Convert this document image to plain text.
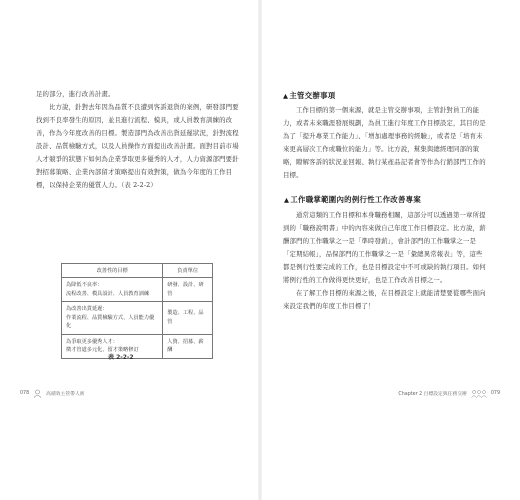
足的部分，進行改善計畫。

比方說，針對去年因為品質不良遭到客訴退貨的案例，研發部門要找到不良率發生的原因，並且進行流程、模具，或人員教育訓練的改善，作為今年度改善的目標。製造部門為改善出貨延遲狀況，針對流程設計、品質檢驗方式，以及人員操作方面提出改善計畫。面對目前市場人才競爭的狀態下如何為企業爭取更多優秀的人才，人力資源部門要針對招募策略、企業內部留才策略提出有效對策，做為今年度的工作目標，以保持企業的優質人力。（表 2-2-2）

改善性的目標	負責單位

為降低不良率：
流程改善、模具設計、人員教育訓練	研發、設計、研管

為改善出貨延遲：
作業流程、品質檢驗方式、人員能力優化	製造、工程、品管

為爭取更多優秀人才：
徵才管道多元化、留才策略修訂	人資、招募、薪酬
表 2-2-2
078	高績效主管帶人術
▲主管交辦事項

工作目標的第一個來源，就是主管交辦事項，主管針對員工的能力，或者未來職涯發展規劃，為員工進行年度工作目標設定，其目的是為了「提升專業工作能力」、「增加處理事務的經驗」，或者是「培育未來更高層次工作或職位的能力」等。比方說，幫集與總經理同部的策略，瞭解客訴的狀況並回報、執行某產品記者會等作為行銷部門工作的目標。

▲工作職掌範圍內的例行性工作改善專案

通常這類的工作目標和本身職務相關，這部分可以透過第一章所提到的「職務說明書」中的內容來做自己年度工作目標設定。比方說，薪酬部門的工作職掌之一是「準時發薪」，會計部門的工作職掌之一是「定期結帳」，品保部門的工作職掌之一是「彙總異常報表」等，這些都是例行性要完成的工作，也是目標設定中不可或缺的執行項目。如何將例行性的工作做得更快更好，也是工作改善目標之一。

在了解工作目標的來源之後，在目標設定上就能清楚要從哪些面向來設定我們的年度工作目標了！

Chapter 2 目標設定與任務交辦	079
